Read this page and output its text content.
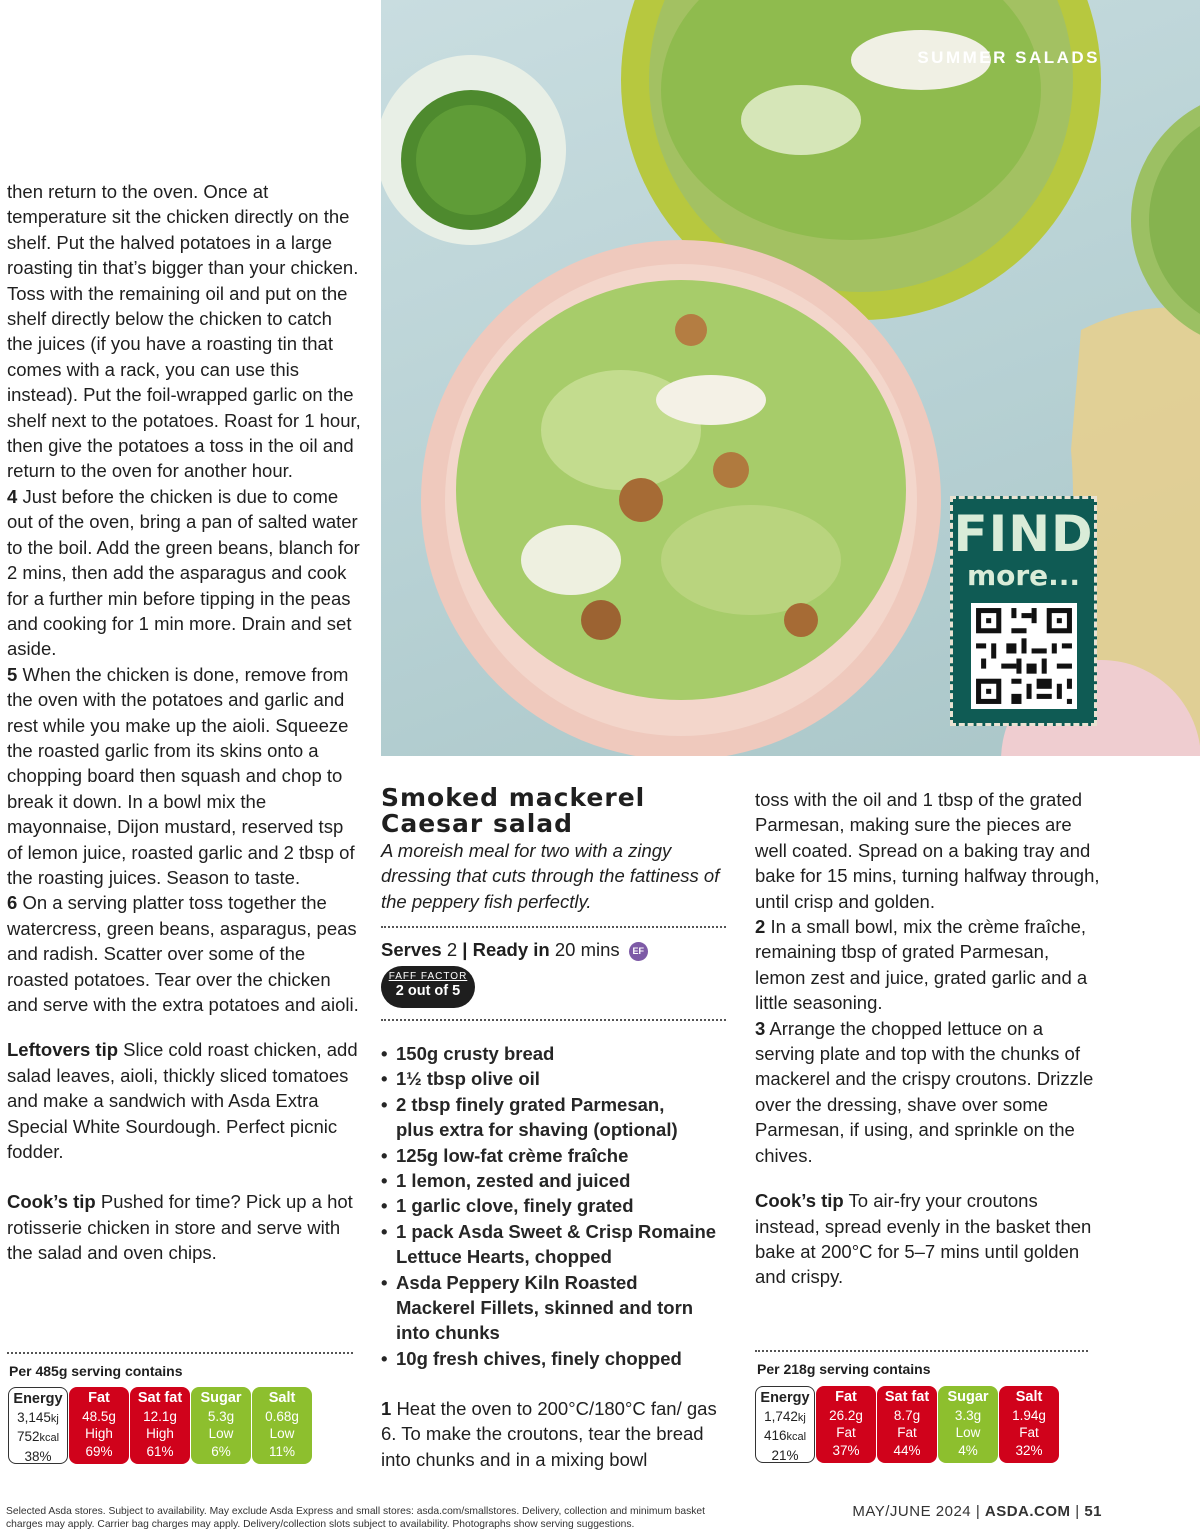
SUMMER SALADS
FIND
more...

then return to the oven. Once at temperature sit the chicken directly on the shelf. Put the halved potatoes in a large roasting tin that’s bigger than your chicken. Toss with the remaining oil and put on the shelf directly below the chicken to catch the juices (if you have a roasting tin that comes with a rack, you can use this instead). Put the foil-wrapped garlic on the shelf next to the potatoes. Roast for 1 hour, then give the potatoes a toss in the oil and return to the oven for another hour.

4 Just before the chicken is due to come out of the oven, bring a pan of salted water to the boil. Add the green beans, blanch for 2 mins, then add the asparagus and cook for a further min before tipping in the peas and cooking for 1 min more. Drain and set aside.

5 When the chicken is done, remove from the oven with the potatoes and garlic and rest while you make up the aioli. Squeeze the roasted garlic from its skins onto a chopping board then squash and chop to break it down. In a bowl mix the mayonnaise, Dijon mustard, reserved tsp of lemon juice, roasted garlic and 2 tbsp of the roasting juices. Season to taste.

6 On a serving platter toss together the watercress, green beans, asparagus, peas and radish. Scatter over some of the roasted potatoes. Tear over the chicken and serve with the extra potatoes and aioli.

Leftovers tip Slice cold roast chicken, add salad leaves, aioli, thickly sliced tomatoes and make a sandwich with Asda Extra Special White Sourdough. Perfect picnic fodder.

Cook’s tip Pushed for time? Pick up a hot rotisserie chicken in store and serve with the salad and oven chips.

Per 485g serving contains
Energy
3,145kj
752kcal
38%
Fat
48.5g
High
69%
Sat fat
12.1g
High
61%
Sugar
5.3g
Low
6%
Salt
0.68g
Low
11%
Smoked mackerel
Caesar salad

A moreish meal for two with a zingy dressing that cuts through the fattiness of the peppery fish perfectly.

Serves 2 | Ready in 20 mins EF
FAFF FACTOR
2 out of 5
• 150g crusty bread
• 1½ tbsp olive oil
• 2 tbsp finely grated Parmesan, plus extra for shaving (optional)
• 125g low-fat crème fraîche
• 1 lemon, zested and juiced
• 1 garlic clove, finely grated
• 1 pack Asda Sweet & Crisp Romaine Lettuce Hearts, chopped
• Asda Peppery Kiln Roasted Mackerel Fillets, skinned and torn into chunks
• 10g fresh chives, finely chopped

1 Heat the oven to 200°C/180°C fan/ gas 6. To make the croutons, tear the bread into chunks and in a mixing bowl

toss with the oil and 1 tbsp of the grated Parmesan, making sure the pieces are well coated. Spread on a baking tray and bake for 15 mins, turning halfway through, until crisp and golden.

2 In a small bowl, mix the crème fraîche, remaining tbsp of grated Parmesan, lemon zest and juice, grated garlic and a little seasoning.

3 Arrange the chopped lettuce on a serving plate and top with the chunks of mackerel and the crispy croutons. Drizzle over the dressing, shave over some Parmesan, if using, and sprinkle on the chives.

Cook’s tip To air-fry your croutons instead, spread evenly in the basket then bake at 200°C for 5–7 mins until golden and crispy.

Per 218g serving contains
Energy
1,742kj
416kcal
21%
Fat
26.2g
Fat
37%
Sat fat
8.7g
Fat
44%
Sugar
3.3g
Low
4%
Salt
1.94g
Fat
32%
Selected Asda stores. Subject to availability. May exclude Asda Express and small stores: asda.com/smallstores. Delivery, collection and minimum basket charges may apply. Carrier bag charges may apply. Delivery/collection slots subject to availability. Photographs show serving suggestions.
MAY/JUNE 2024 | ASDA.COM | 51
